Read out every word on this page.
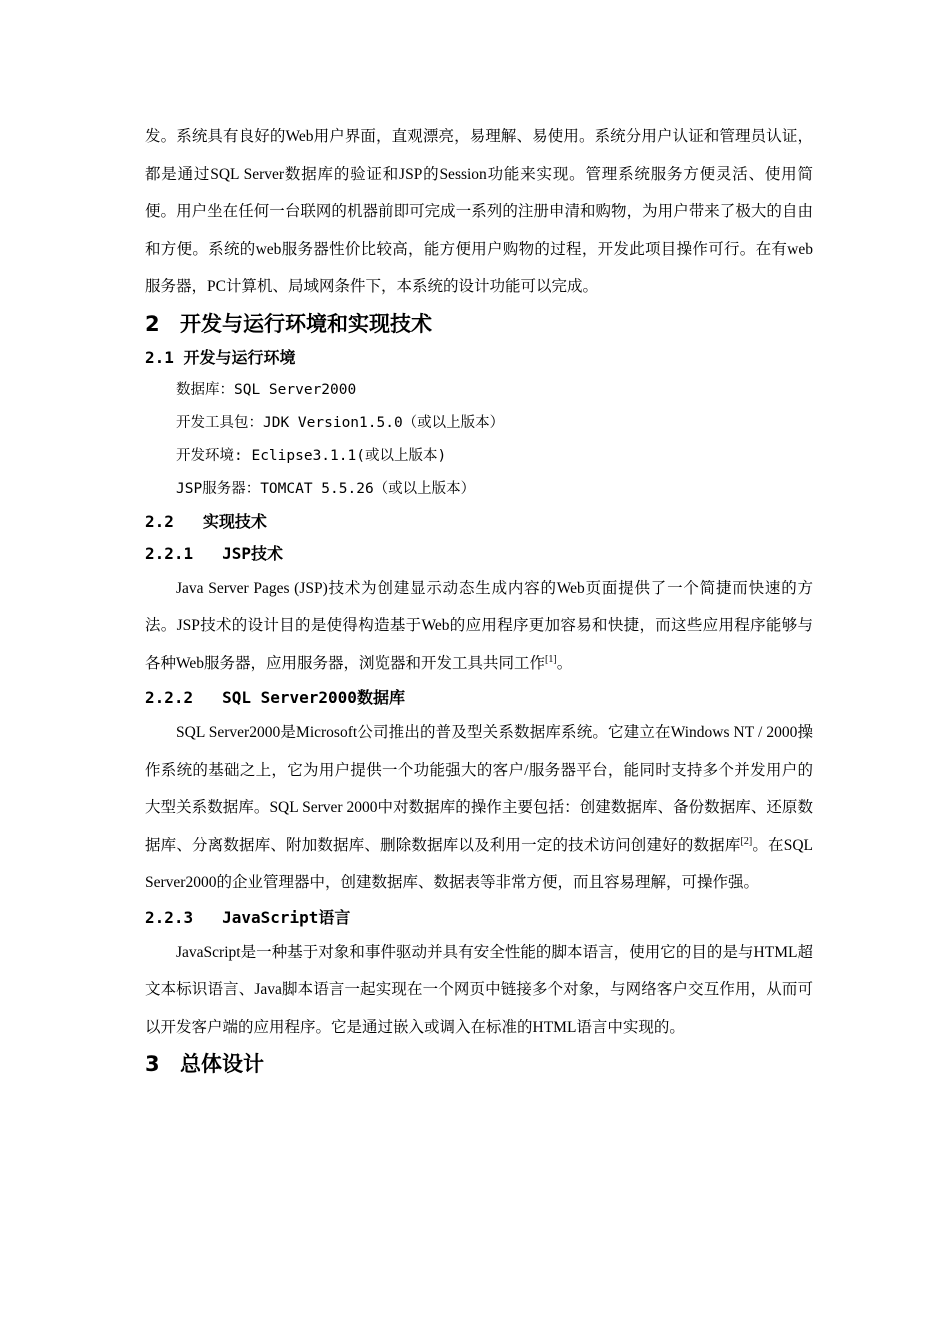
发。系统具有良好的Web用户界面，直观漂亮，易理解、易使用。系统分用户认证和管理员认证，都是通过SQL Server数据库的验证和JSP的Session功能来实现。管理系统服务方便灵活、使用简便。用户坐在任何一台联网的机器前即可完成一系列的注册申清和购物，为用户带来了极大的自由和方便。系统的web服务器性价比较高，能方便用户购物的过程，开发此项目操作可行。在有web服务器，PC计算机、局域网条件下，本系统的设计功能可以完成。

2 开发与运行环境和实现技术
2.1 开发与运行环境

数据库：SQL Server2000

开发工具包：JDK Version1.5.0（或以上版本）

开发环境: Eclipse3.1.1(或以上版本)

JSP服务器：TOMCAT 5.5.26（或以上版本）

2.2 实现技术
2.2.1 JSP技术

Java Server Pages (JSP)技术为创建显示动态生成内容的Web页面提供了一个简捷而快速的方法。JSP技术的设计目的是使得构造基于Web的应用程序更加容易和快捷，而这些应用程序能够与各种Web服务器，应用服务器，浏览器和开发工具共同工作[1]。

2.2.2 SQL Server2000数据库

SQL Server2000是Microsoft公司推出的普及型关系数据库系统。它建立在Windows NT / 2000操作系统的基础之上，它为用户提供一个功能强大的客户/服务器平台，能同时支持多个并发用户的大型关系数据库。SQL Server 2000中对数据库的操作主要包括：创建数据库、备份数据库、还原数据库、分离数据库、附加数据库、删除数据库以及利用一定的技术访问创建好的数据库[2]。在SQL Server2000的企业管理器中，创建数据库、数据表等非常方便，而且容易理解，可操作强。

2.2.3 JavaScript语言

JavaScript是一种基于对象和事件驱动并具有安全性能的脚本语言，使用它的目的是与HTML超文本标识语言、Java脚本语言一起实现在一个网页中链接多个对象，与网络客户交互作用，从而可以开发客户端的应用程序。它是通过嵌入或调入在标准的HTML语言中实现的。

3 总体设计
